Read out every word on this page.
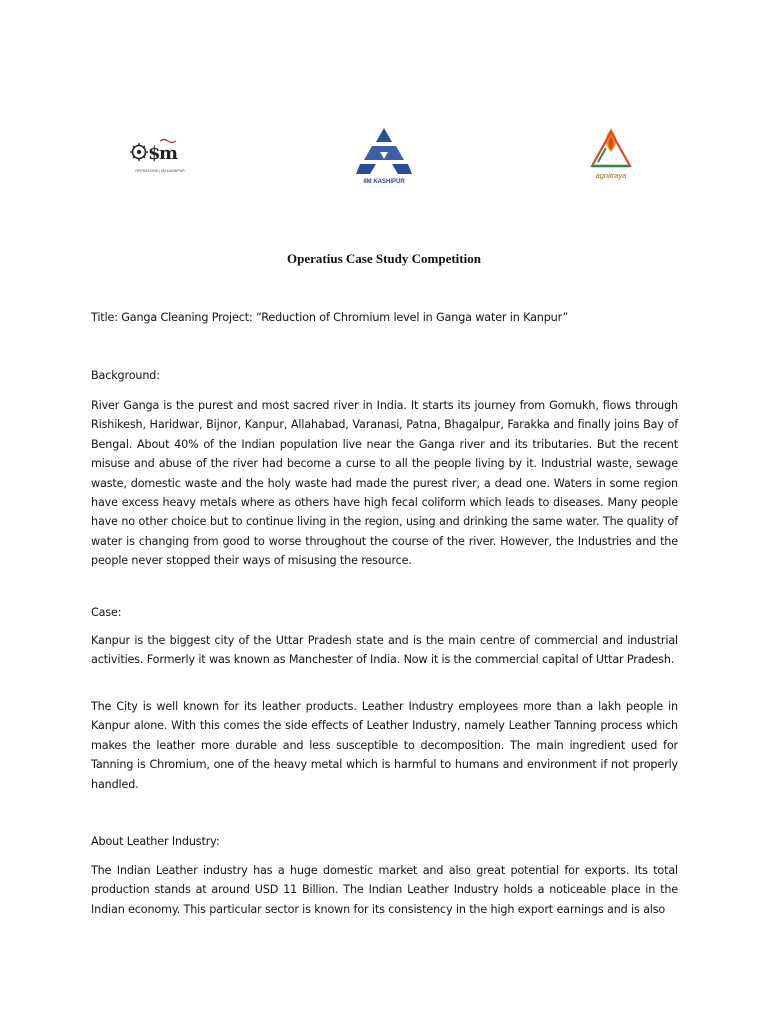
$
m
OPERATIONS | IIM KASHIPUR
IIM KASHIPUR
agnitraya
Operatius Case Study Competition
Title: Ganga Cleaning Project: “Reduction of Chromium level in Ganga water in Kanpur”
Background:
River Ganga is the purest and most sacred river in India. It starts its journey from Gomukh, flows through Rishikesh, Haridwar, Bijnor, Kanpur, Allahabad, Varanasi, Patna, Bhagalpur, Farakka and finally joins Bay of Bengal. About 40% of the Indian population live near the Ganga river and its tributaries. But the recent misuse and abuse of the river had become a curse to all the people living by it. Industrial waste, sewage waste, domestic waste and the holy waste had made the purest river, a dead one. Waters in some region have excess heavy metals where as others have high fecal coliform which leads to diseases. Many people have no other choice but to continue living in the region, using and drinking the same water. The quality of water is changing from good to worse throughout the course of the river. However, the Industries and the people never stopped their ways of misusing the resource.
Case:
Kanpur is the biggest city of the Uttar Pradesh state and is the main centre of commercial and industrial activities. Formerly it was known as Manchester of India. Now it is the commercial capital of Uttar Pradesh.
The City is well known for its leather products. Leather Industry employees more than a lakh people in Kanpur alone. With this comes the side effects of Leather Industry, namely Leather Tanning process which makes the leather more durable and less susceptible to decomposition. The main ingredient used for Tanning is Chromium, one of the heavy metal which is harmful to humans and environment if not properly handled.
About Leather Industry:
The Indian Leather industry has a huge domestic market and also great potential for exports. Its total production stands at around USD 11 Billion. The Indian Leather Industry holds a noticeable place in the Indian economy. This particular sector is known for its consistency in the high export earnings and is also
